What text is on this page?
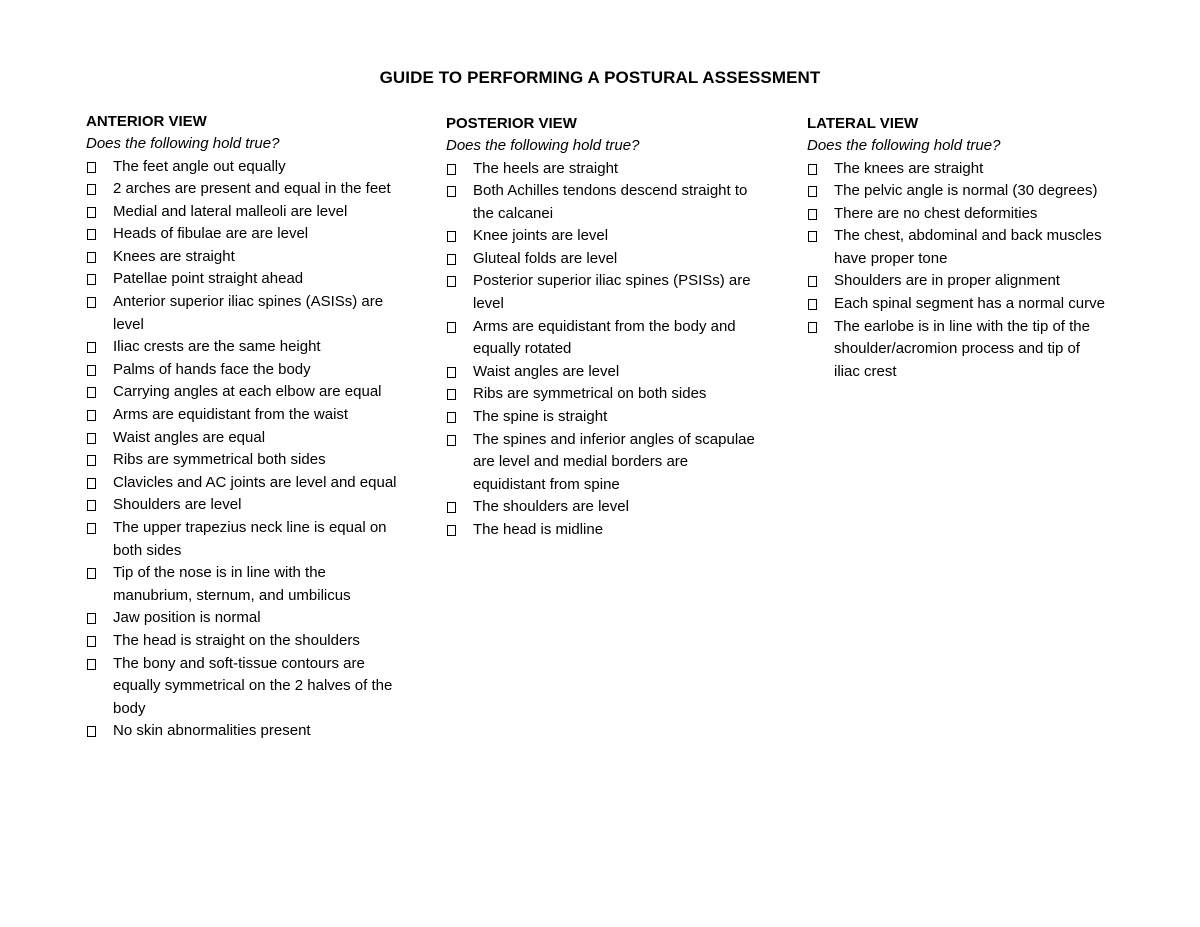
GUIDE TO PERFORMING A POSTURAL ASSESSMENT
ANTERIOR VIEW
Does the following hold true?
The feet angle out equally
2 arches are present and equal in the feet
Medial and lateral malleoli are level
Heads of fibulae are are level
Knees are straight
Patellae point straight ahead
Anterior superior iliac spines (ASISs) are level
Iliac crests are the same height
Palms of hands face the body
Carrying angles at each elbow are equal
Arms are equidistant from the waist
Waist angles are equal
Ribs are symmetrical both sides
Clavicles and AC joints are level and equal
Shoulders are level
The upper trapezius neck line is equal on both sides
Tip of the nose is in line with the manubrium, sternum, and umbilicus
Jaw position is normal
The head is straight on the shoulders
The bony and soft-tissue contours are equally symmetrical on the 2 halves of the body
No skin abnormalities present
POSTERIOR VIEW
Does the following hold true?
The heels are straight
Both Achilles tendons descend straight to the calcanei
Knee joints are level
Gluteal folds are level
Posterior superior iliac spines (PSISs) are level
Arms are equidistant from the body and equally rotated
Waist angles are level
Ribs are symmetrical on both sides
The spine is straight
The spines and inferior angles of scapulae are level and medial borders are equidistant from spine
The shoulders are level
The head is midline
LATERAL VIEW
Does the following hold true?
The knees are straight
The pelvic angle is normal (30 degrees)
There are no chest deformities
The chest, abdominal and back muscles have proper tone
Shoulders are in proper alignment
Each spinal segment has a normal curve
The earlobe is in line with the tip of the shoulder/acromion process and tip of iliac crest
